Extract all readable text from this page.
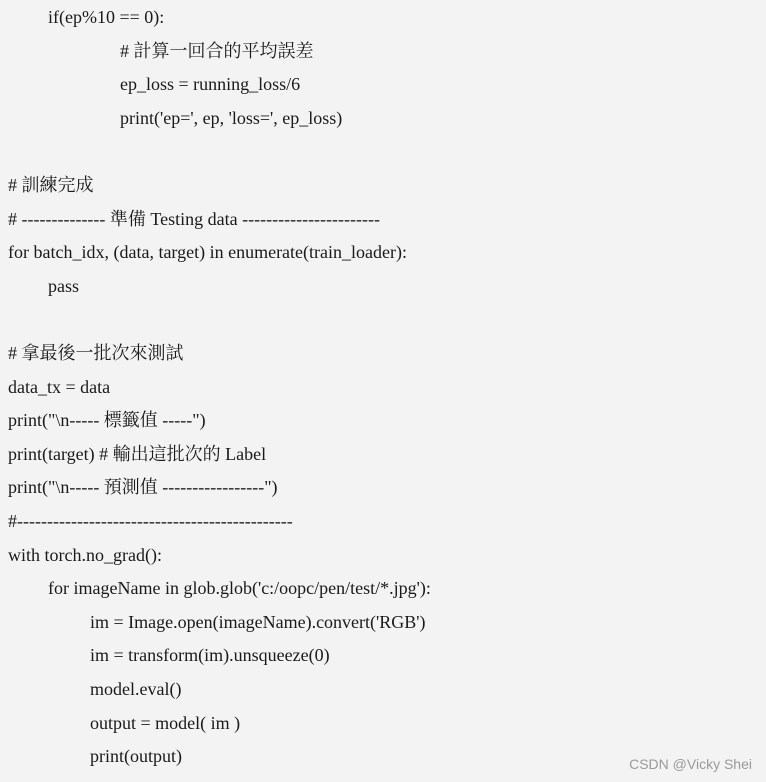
if(ep%10 == 0):
# 計算一回合的平均誤差
ep_loss = running_loss/6
print('ep=', ep, 'loss=', ep_loss)
# 訓練完成
# -------------- 準備 Testing data -----------------------
for batch_idx, (data, target) in enumerate(train_loader):
pass
# 拿最後一批次來測試
data_tx = data
print("\n----- 標籤值 -----")
print(target) # 輸出這批次的 Label
print("\n----- 預測值 -----------------")
#----------------------------------------------
with torch.no_grad():
for imageName in glob.glob('c:/oopc/pen/test/*.jpg'):
im = Image.open(imageName).convert('RGB')
im = transform(im).unsqueeze(0)
model.eval()
output = model( im )
print(output)	CSDN @Vicky Shei
